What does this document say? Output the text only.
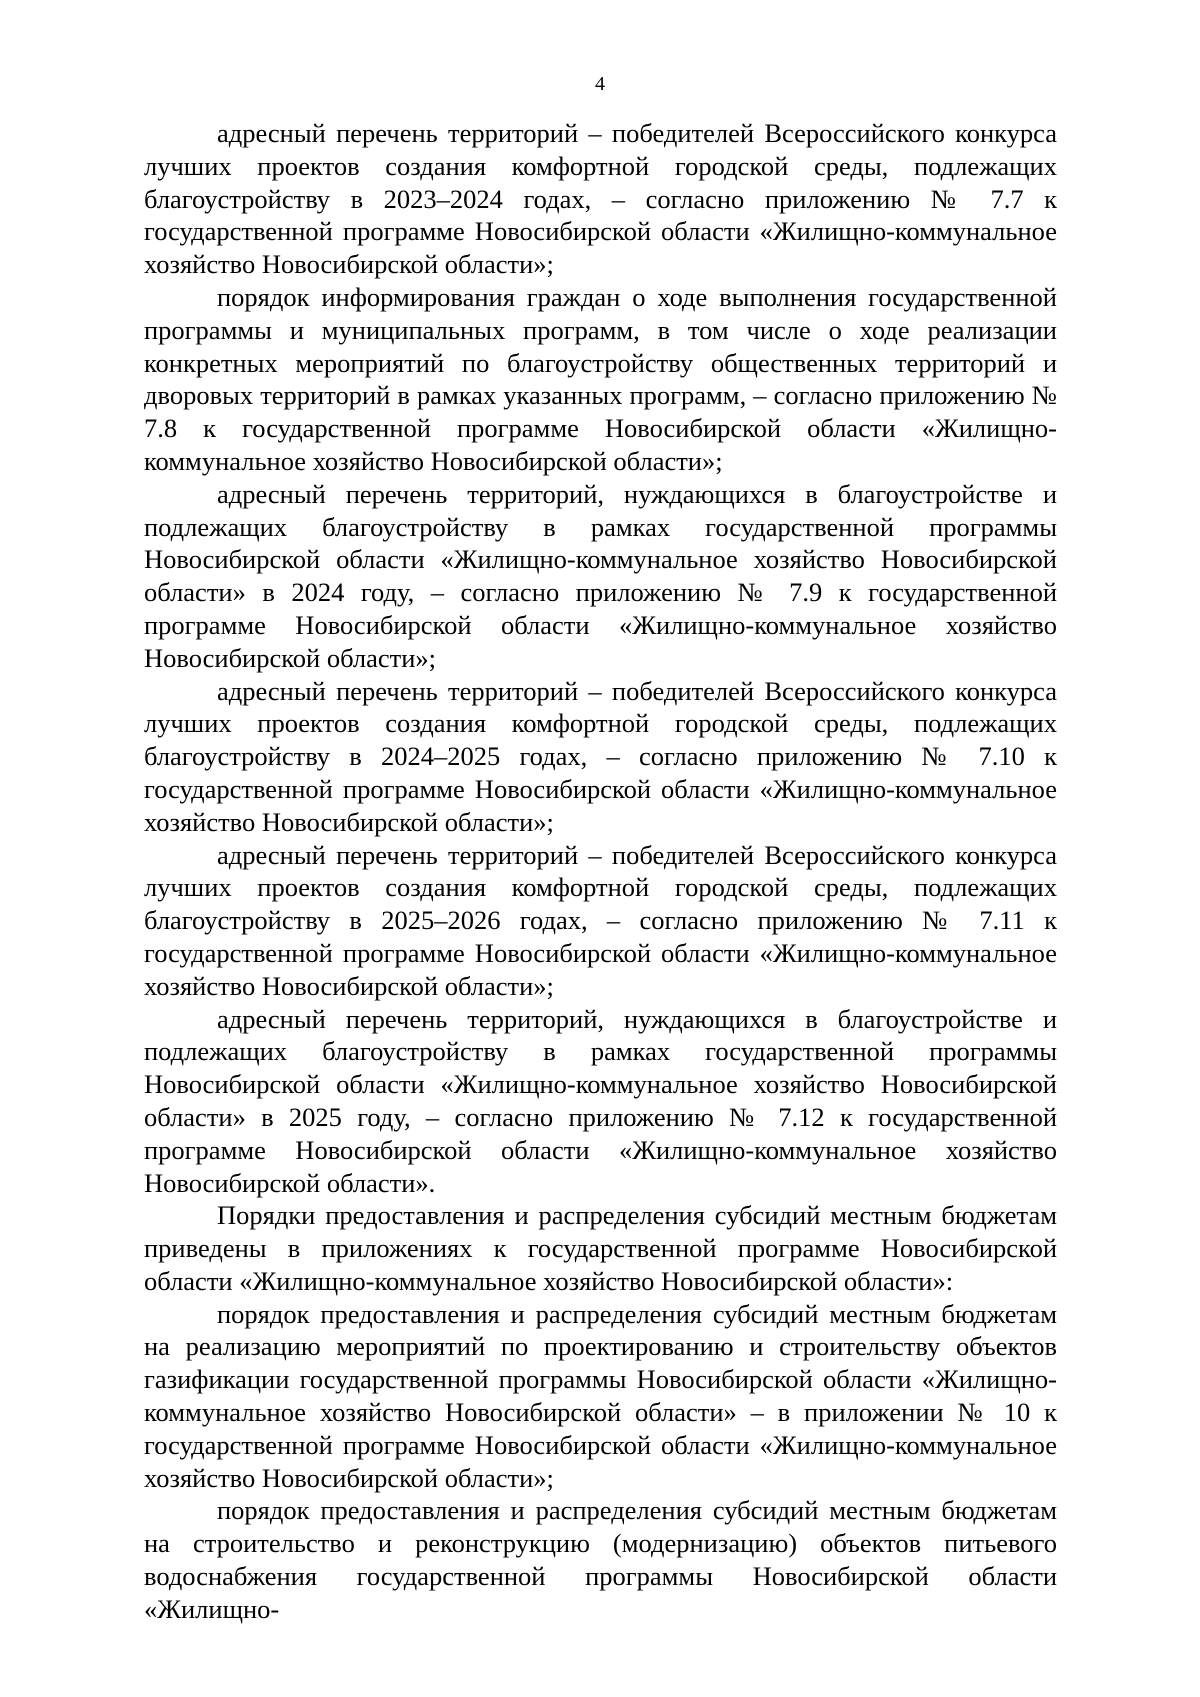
4

адресный перечень территорий – победителей Всероссийского конкурса лучших проектов создания комфортной городской среды, подлежащих благоустройству в 2023–2024 годах, – согласно приложению № 7.7 к государственной программе Новосибирской области «Жилищно-коммунальное хозяйство Новосибирской области»;

порядок информирования граждан о ходе выполнения государственной программы и муниципальных программ, в том числе о ходе реализации конкретных мероприятий по благоустройству общественных территорий и дворовых территорий в рамках указанных программ, – согласно приложению № 7.8 к государственной программе Новосибирской области «Жилищно-коммунальное хозяйство Новосибирской области»;

адресный перечень территорий, нуждающихся в благоустройстве и подлежащих благоустройству в рамках государственной программы Новосибирской области «Жилищно-коммунальное хозяйство Новосибирской области» в 2024 году, – согласно приложению № 7.9 к государственной программе Новосибирской области «Жилищно-коммунальное хозяйство Новосибирской области»;

адресный перечень территорий – победителей Всероссийского конкурса лучших проектов создания комфортной городской среды, подлежащих благоустройству в 2024–2025 годах, – согласно приложению № 7.10 к государственной программе Новосибирской области «Жилищно-коммунальное хозяйство Новосибирской области»;

адресный перечень территорий – победителей Всероссийского конкурса лучших проектов создания комфортной городской среды, подлежащих благоустройству в 2025–2026 годах, – согласно приложению № 7.11 к государственной программе Новосибирской области «Жилищно-коммунальное хозяйство Новосибирской области»;

адресный перечень территорий, нуждающихся в благоустройстве и подлежащих благоустройству в рамках государственной программы Новосибирской области «Жилищно-коммунальное хозяйство Новосибирской области» в 2025 году, – согласно приложению № 7.12 к государственной программе Новосибирской области «Жилищно-коммунальное хозяйство Новосибирской области».

Порядки предоставления и распределения субсидий местным бюджетам приведены в приложениях к государственной программе Новосибирской области «Жилищно-коммунальное хозяйство Новосибирской области»:

порядок предоставления и распределения субсидий местным бюджетам на реализацию мероприятий по проектированию и строительству объектов газификации государственной программы Новосибирской области «Жилищно-коммунальное хозяйство Новосибирской области» – в приложении № 10 к государственной программе Новосибирской области «Жилищно-коммунальное хозяйство Новосибирской области»;

порядок предоставления и распределения субсидий местным бюджетам на строительство и реконструкцию (модернизацию) объектов питьевого водоснабжения государственной программы Новосибирской области «Жилищно-
